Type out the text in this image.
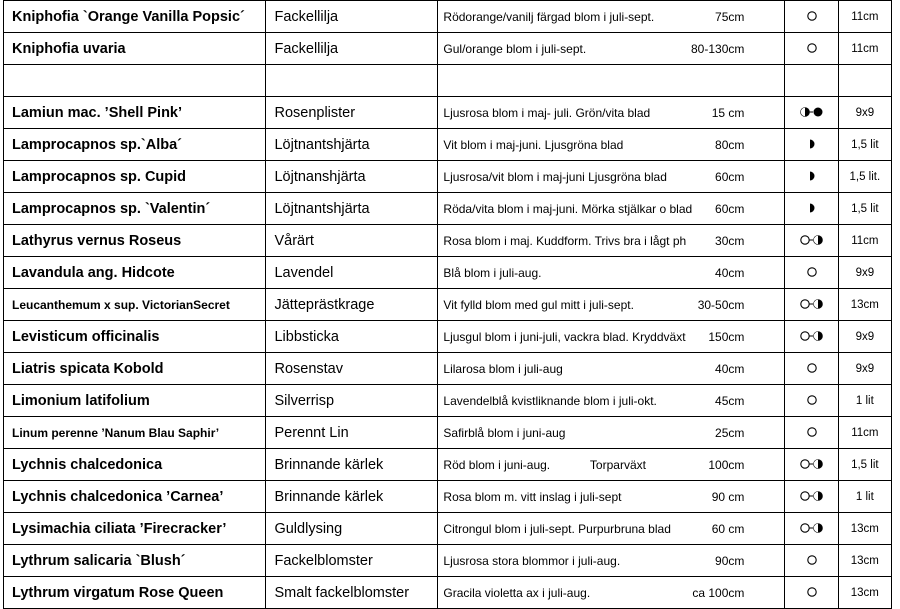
Kniphofia `Orange Vanilla Popsic´	Fackellilja	Rödorange/vanilj färgad blom i juli-sept. 75cm		11cm
Kniphofia uvaria	Fackellilja	Gul/orange blom i juli-sept. 80-130cm		11cm

Lamiun mac. ’Shell Pink’	Rosenplister	Ljusrosa blom i maj- juli. Grön/vita blad 15 cm		9x9
Lamprocapnos sp.`Alba´	Löjtnantshjärta	Vit blom i maj-juni. Ljusgröna blad 80cm		1,5 lit
Lamprocapnos sp. Cupid	Löjtnanshjärta	Ljusrosa/vit blom i maj-juni Ljusgröna blad 60cm		1,5 lit.
Lamprocapnos sp. `Valentin´	Löjtnantshjärta	Röda/vita blom i maj-juni. Mörka stjälkar o blad 60cm		1,5 lit
Lathyrus vernus Roseus	Vårärt	Rosa blom i maj. Kuddform. Trivs bra i lågt ph 30cm		11cm
Lavandula ang. Hidcote	Lavendel	Blå blom i juli-aug. 40cm		9x9
Leucanthemum x sup. VictorianSecret	Jätteprästkrage	Vit fylld blom med gul mitt i juli-sept. 30-50cm		13cm
Levisticum officinalis	Libbsticka	Ljusgul blom i juni-juli, vackra blad. Kryddväxt 150cm		9x9
Liatris spicata Kobold	Rosenstav	Lilarosa blom i juli-aug 40cm		9x9
Limonium latifolium	Silverrisp	Lavendelblå kvistliknande blom i juli-okt. 45cm		1 lit
Linum perenne ’Nanum Blau Saphir’	Perennt Lin	Safirblå blom i juni-aug 25cm		11cm
Lychnis chalcedonica	Brinnande kärlek	Röd blom i juni-aug.            Torparväxt 100cm		1,5 lit
Lychnis chalcedonica ’Carnea’	Brinnande kärlek	Rosa blom m. vitt inslag i juli-sept 90 cm		1 lit
Lysimachia ciliata ’Firecracker’	Guldlysing	Citrongul blom i juli-sept. Purpurbruna blad 60 cm		13cm
Lythrum salicaria `Blush´	Fackelblomster	Ljusrosa stora blommor i juli-aug. 90cm		13cm
Lythrum virgatum Rose Queen	Smalt fackelblomster	Gracila violetta ax i juli-aug. ca 100cm		13cm
